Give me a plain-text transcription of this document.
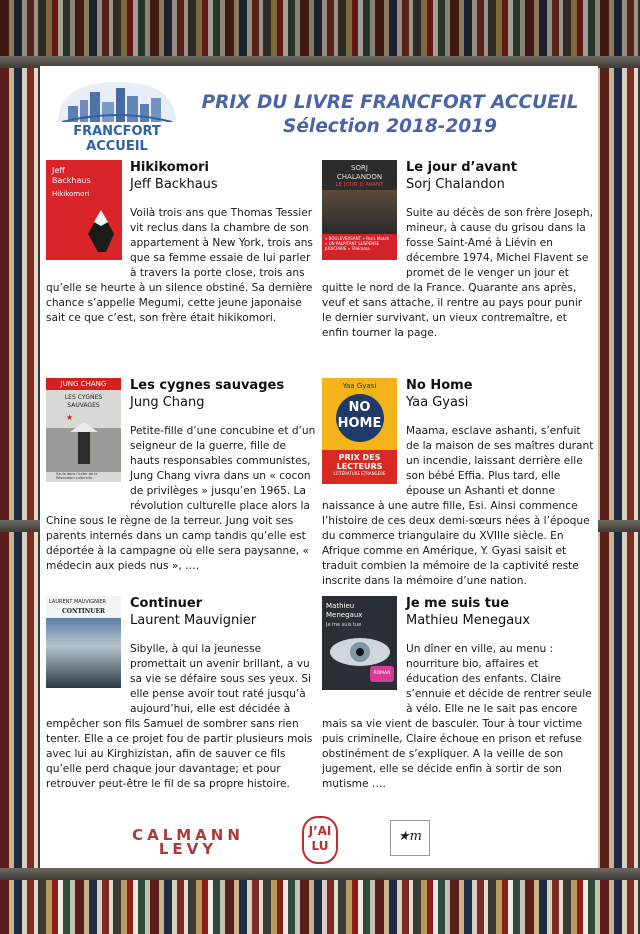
FRANCFORT ACCUEIL
PRIX DU LIVRE FRANCFORT ACCUEIL
Sélection 2018-2019
Jeff
Backhaus
Hikikomori
Hikikomori
Jeff Backhaus
Voilà trois ans que Thomas Tessier vit reclus dans la chambre de son appartement à New York, trois ans que sa femme essaie de lui parler à travers la porte close, trois ans qu’elle se heurte à un silence obstiné. Sa dernière chance s’appelle Megumi, cette jeune japonaise sait ce que c’est, son frère était hikikomori.
SORJ
CHALANDON
LE JOUR D’AVANT
« BOULEVERSANT » Paris Match
« UN PALPITANT SUSPENSE JUDICIAIRE » Télérama
Le jour d’avant
Sorj Chalandon
Suite au décès de son frère Joseph, mineur, à cause du grisou dans la fosse Saint-Amé à Liévin en décembre 1974, Michel Flavent se promet de le venger un jour et quitte le nord de la France. Quarante ans après, veuf et sans attache, il rentre au pays pour punir le dernier survivant, un vieux contremaître, et enfin tourner la page.
JUNG CHANG
LES CYGNES
SAUVAGES
★
Seule dans l’enfer de la Révolution culturelle
Les cygnes sauvages
Jung Chang
Petite-fille d’une concubine et d’un seigneur de la guerre, fille de hauts responsables communistes, Jung Chang vivra dans un « cocon de privilèges » jusqu’en 1965. La révolution culturelle place alors la Chine sous le règne de la terreur. Jung voit ses parents internés dans un camp tandis qu’elle est déportée à la campagne où elle sera paysanne, « médecin aux pieds nus », ….
Yaa Gyasi
NO
HOME
PRIX DES
LECTEURS
LITTÉRATURE ÉTRANGÈRE
No Home
Yaa Gyasi
Maama, esclave ashanti, s’enfuit de la maison de ses maîtres durant un incendie, laissant derrière elle son bébé Effia. Plus tard, elle épouse un Ashanti et donne naissance à une autre fille, Esi. Ainsi commence l’histoire de ces deux demi-sœurs nées à l’époque du commerce triangulaire du XVIIIe siècle. En Afrique comme en Amérique, Y. Gyasi saisit et traduit combien la mémoire de la captivité reste inscrite dans la mémoire d’une nation.
LAURENT MAUVIGNIER
CONTINUER
Continuer
Laurent Mauvignier
Sibylle, à qui la jeunesse promettait un avenir brillant, a vu sa vie se défaire sous ses yeux. Si elle pense avoir tout raté jusqu’à aujourd’hui, elle est décidée à empêcher son fils Samuel de sombrer sans rien tenter. Elle a ce projet fou de partir plusieurs mois avec lui au Kirghizistan, afin de sauver ce fils qu’elle perd chaque jour davantage; et pour retrouver peut-être le fil de sa propre histoire.
Mathieu
Menegaux
Je me suis tue
ROMAN
Je me suis tue
Mathieu Menegaux
Un dîner en ville, au menu : nourriture bio, affaires et éducation des enfants. Claire s’ennuie et décide de rentrer seule à vélo. Elle ne le sait pas encore mais sa vie vient de basculer. Tour à tour victime puis criminelle, Claire échoue en prison et refuse obstinément de s’expliquer. A la veille de son jugement, elle se décide enfin à sortir de son mutisme ….
CALMANN
LEVY
J’AI
LU
★m
